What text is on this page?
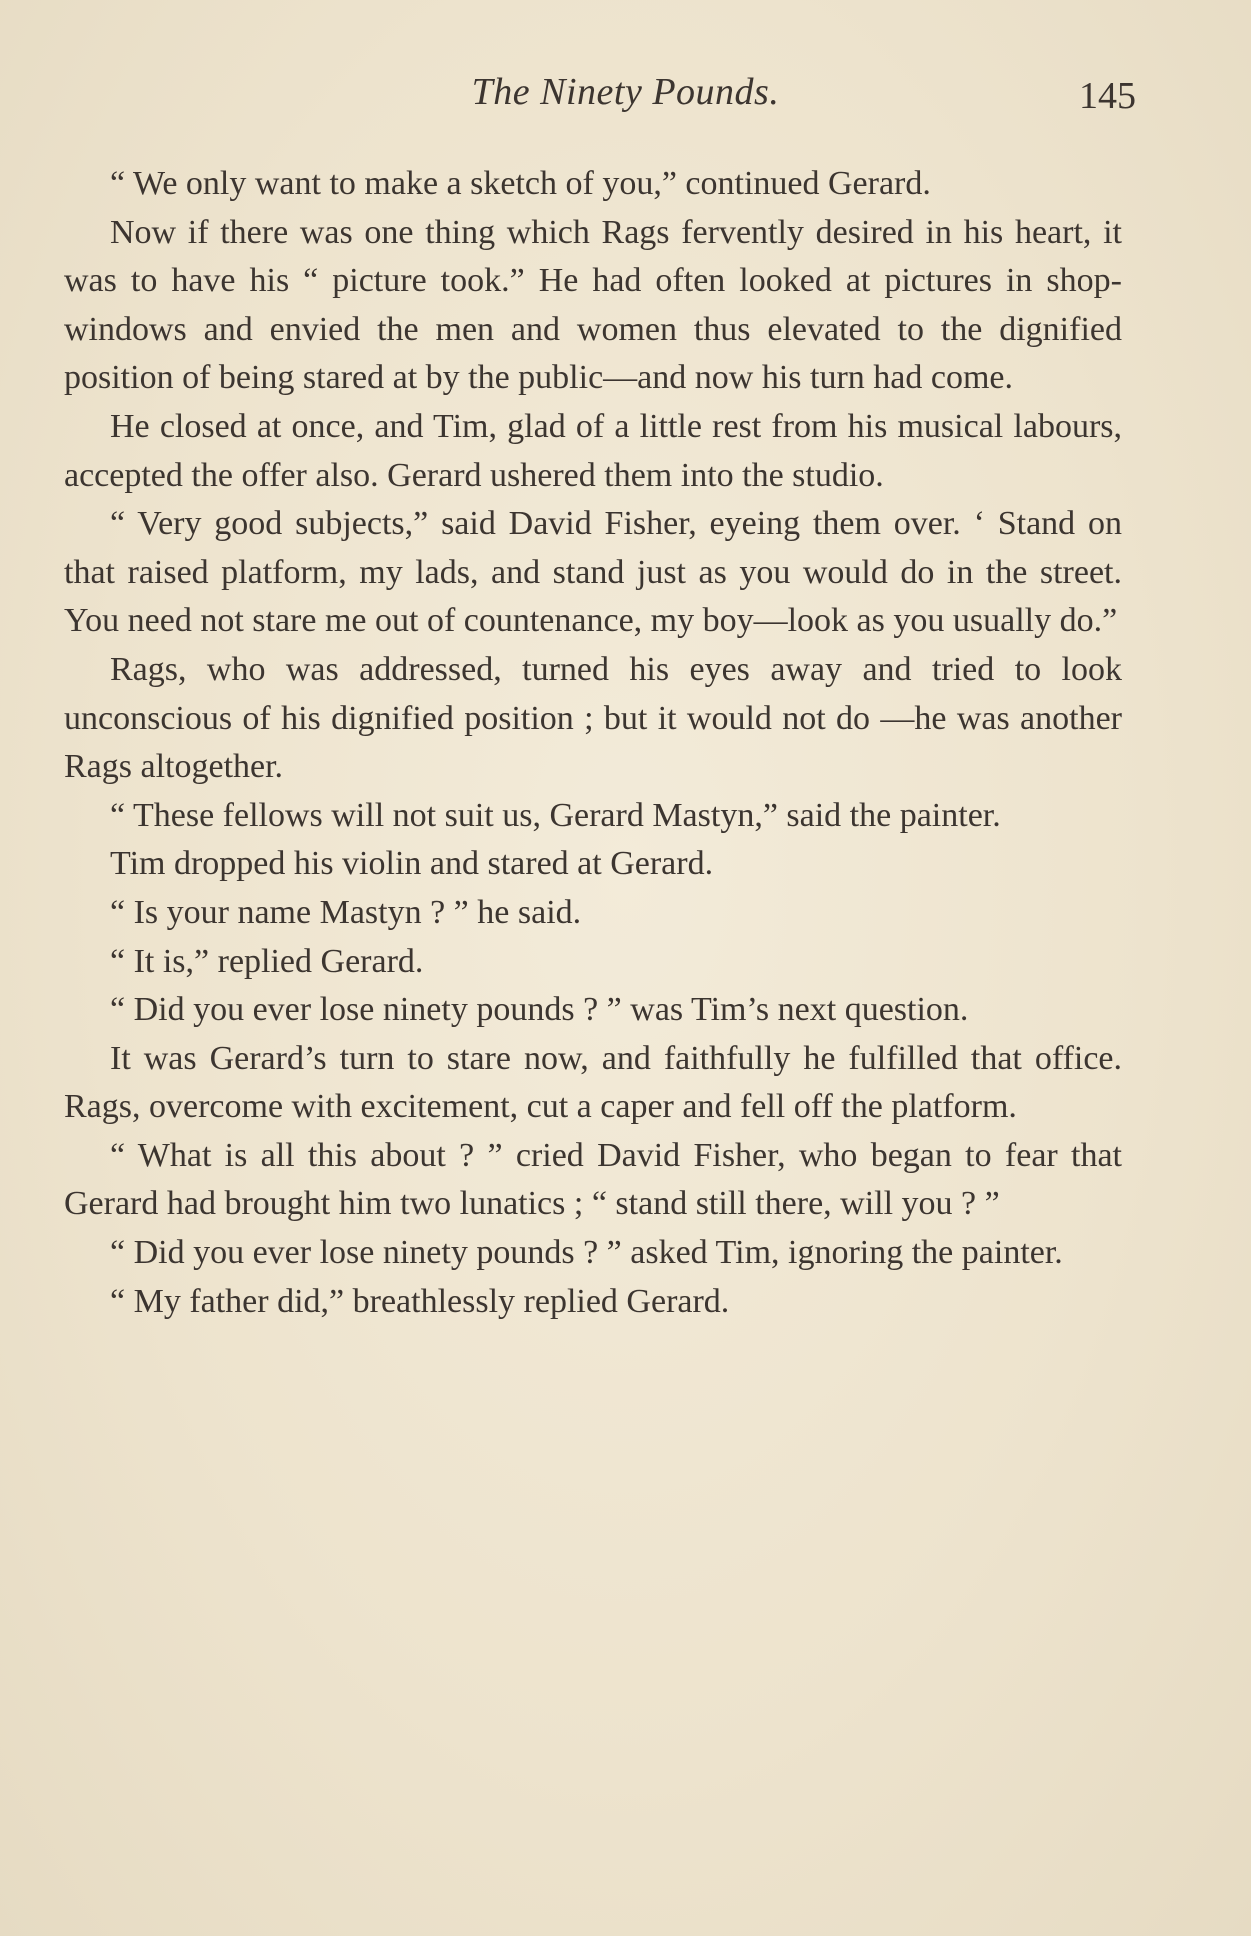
The Ninety Pounds.	145

“ We only want to make a sketch of you,” continued Gerard.

Now if there was one thing which Rags fervently desired in his heart, it was to have his “ picture took.” He had often looked at pictures in shop-windows and envied the men and women thus elevated to the dignified position of being stared at by the public—and now his turn had come.

He closed at once, and Tim, glad of a little rest from his musical labours, accepted the offer also. Gerard ushered them into the studio.

“ Very good subjects,” said David Fisher, eyeing them over. ‘ Stand on that raised platform, my lads, and stand just as you would do in the street. You need not stare me out of countenance, my boy—look as you usually do.”

Rags, who was addressed, turned his eyes away and tried to look unconscious of his dignified position ; but it would not do —he was another Rags altogether.

“ These fellows will not suit us, Gerard Mastyn,” said the painter.

Tim dropped his violin and stared at Gerard.

“ Is your name Mastyn ? ” he said.

“ It is,” replied Gerard.

“ Did you ever lose ninety pounds ? ” was Tim’s next question.

It was Gerard’s turn to stare now, and faithfully he fulfilled that office. Rags, overcome with excitement, cut a caper and fell off the platform.

“ What is all this about ? ” cried David Fisher, who began to fear that Gerard had brought him two lunatics ; “ stand still there, will you ? ”

“ Did you ever lose ninety pounds ? ” asked Tim, ignoring the painter.

“ My father did,” breathlessly replied Gerard.
